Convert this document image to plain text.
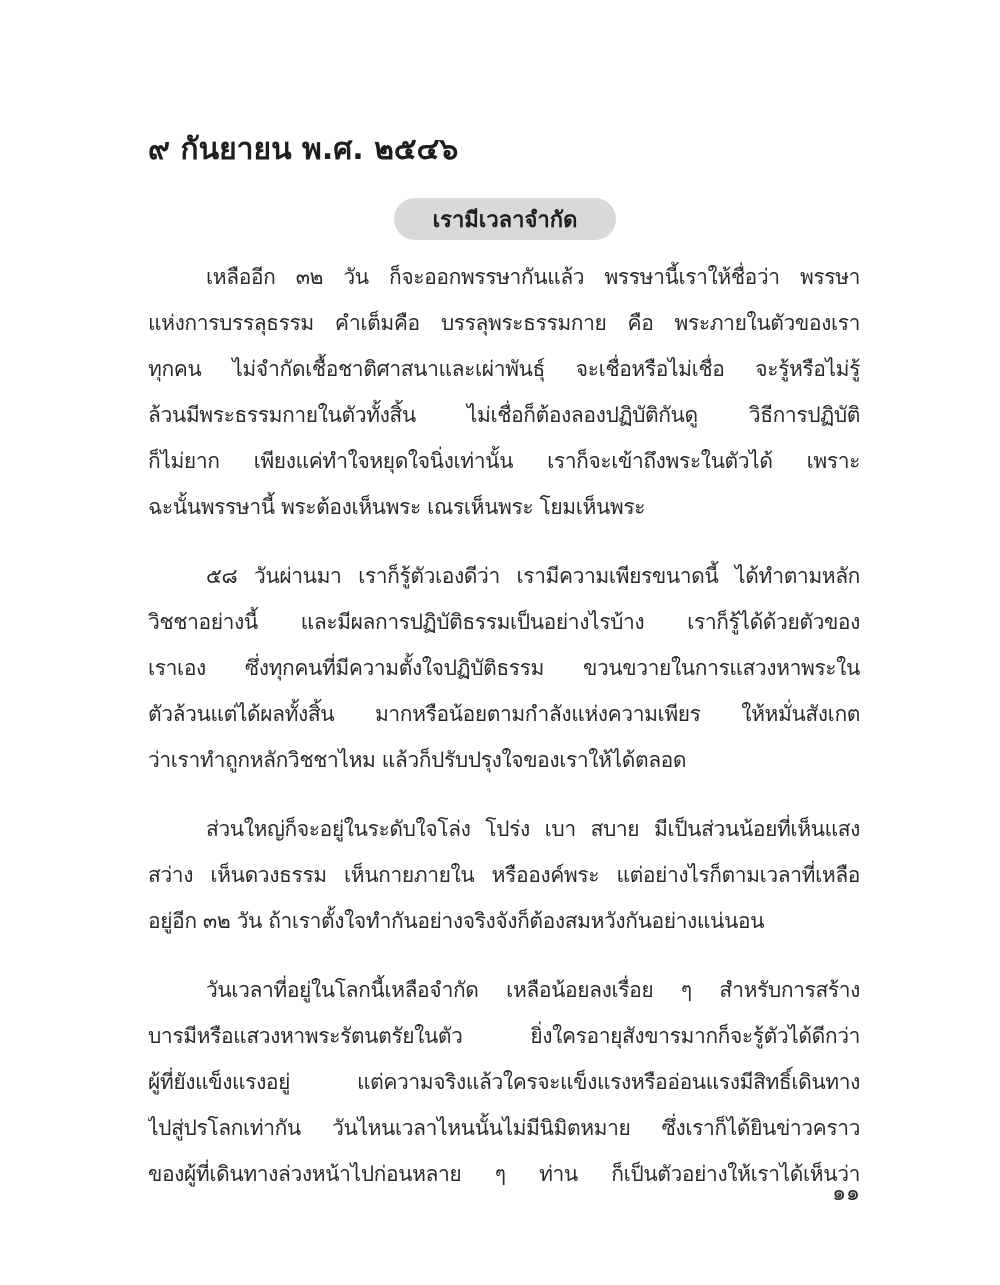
๙ กันยายน พ.ศ. ๒๕๔๖
เรามีเวลาจำกัด

เหลืออีก ๓๒ วัน ก็จะออกพรรษากันแล้ว พรรษานี้เราให้ชื่อว่า พรรษา
แห่งการบรรลุธรรม คำเต็มคือ บรรลุพระธรรมกาย คือ พระภายในตัวของเรา
ทุกคน ไม่จำกัดเชื้อชาติศาสนาและเผ่าพันธุ์ จะเชื่อหรือไม่เชื่อ จะรู้หรือไม่รู้
ล้วนมีพระธรรมกายในตัวทั้งสิ้น ไม่เชื่อก็ต้องลองปฏิบัติกันดู วิธีการปฏิบัติ
ก็ไม่ยาก เพียงแค่ทำใจหยุดใจนิ่งเท่านั้น เราก็จะเข้าถึงพระในตัวได้ เพราะ
ฉะนั้นพรรษานี้ พระต้องเห็นพระ เณรเห็นพระ โยมเห็นพระ

๕๘ วันผ่านมา เราก็รู้ตัวเองดีว่า เรามีความเพียรขนาดนี้ ได้ทำตามหลัก
วิชชาอย่างนี้ และมีผลการปฏิบัติธรรมเป็นอย่างไรบ้าง เราก็รู้ได้ด้วยตัวของ
เราเอง ซึ่งทุกคนที่มีความตั้งใจปฏิบัติธรรม ขวนขวายในการแสวงหาพระใน
ตัวล้วนแต่ได้ผลทั้งสิ้น มากหรือน้อยตามกำลังแห่งความเพียร ให้หมั่นสังเกต
ว่าเราทำถูกหลักวิชชาไหม แล้วก็ปรับปรุงใจของเราให้ได้ตลอด

ส่วนใหญ่ก็จะอยู่ในระดับใจโล่ง โปร่ง เบา สบาย มีเป็นส่วนน้อยที่เห็นแสง
สว่าง เห็นดวงธรรม เห็นกายภายใน หรือองค์พระ แต่อย่างไรก็ตามเวลาที่เหลือ
อยู่อีก ๓๒ วัน ถ้าเราตั้งใจทำกันอย่างจริงจังก็ต้องสมหวังกันอย่างแน่นอน

วันเวลาที่อยู่ในโลกนี้เหลือจำกัด เหลือน้อยลงเรื่อย ๆ สำหรับการสร้าง
บารมีหรือแสวงหาพระรัตนตรัยในตัว ยิ่งใครอายุสังขารมากก็จะรู้ตัวได้ดีกว่า
ผู้ที่ยังแข็งแรงอยู่ แต่ความจริงแล้วใครจะแข็งแรงหรืออ่อนแรงมีสิทธิ์เดินทาง
ไปสู่ปรโลกเท่ากัน วันไหนเวลาไหนนั้นไม่มีนิมิตหมาย ซึ่งเราก็ได้ยินข่าวคราว
ของผู้ที่เดินทางล่วงหน้าไปก่อนหลาย ๆ ท่าน ก็เป็นตัวอย่างให้เราได้เห็นว่า

๑๑
